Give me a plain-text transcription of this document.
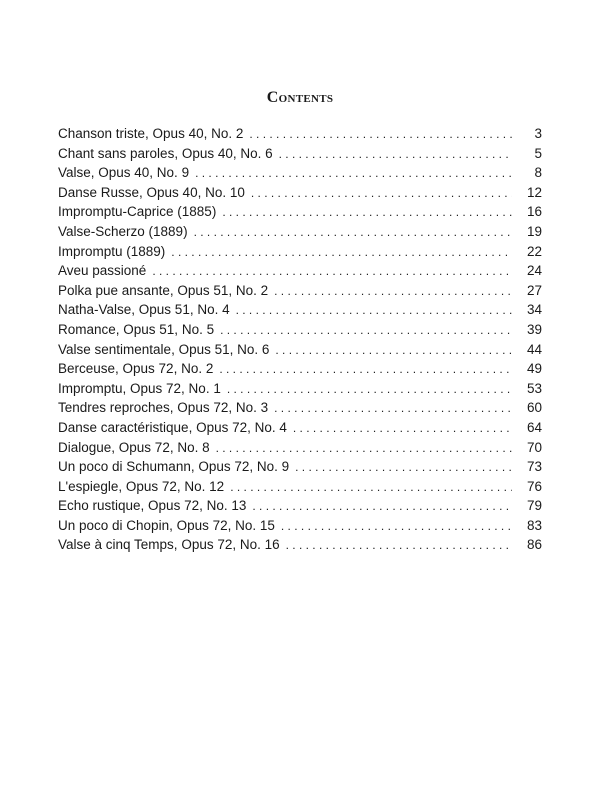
Contents
Chanson triste, Opus 40, No. 2 . . .	3
Chant sans paroles, Opus 40, No. 6 . . .	5
Valse, Opus 40, No. 9 . . .	8
Danse Russe, Opus 40, No. 10 . . .	12
Impromptu-Caprice (1885) . . .	16
Valse-Scherzo (1889) . . .	19
Impromptu (1889) . . .	22
Aveu passioné . . .	24
Polka pue ansante, Opus 51, No. 2 . . .	27
Natha-Valse, Opus 51, No. 4 . . .	34
Romance, Opus 51, No. 5 . . .	39
Valse sentimentale, Opus 51, No. 6 . . .	44
Berceuse, Opus 72, No. 2 . . .	49
Impromptu, Opus 72, No. 1 . . .	53
Tendres reproches, Opus 72, No. 3 . . .	60
Danse caractéristique, Opus 72, No. 4 . . .	64
Dialogue, Opus 72, No. 8 . . .	70
Un poco di Schumann, Opus 72, No. 9 . . .	73
L'espiegle, Opus 72, No. 12 . . .	76
Echo rustique, Opus 72, No. 13 . . .	79
Un poco di Chopin, Opus 72, No. 15 . . .	83
Valse à cinq Temps, Opus 72, No. 16 . . .	86
